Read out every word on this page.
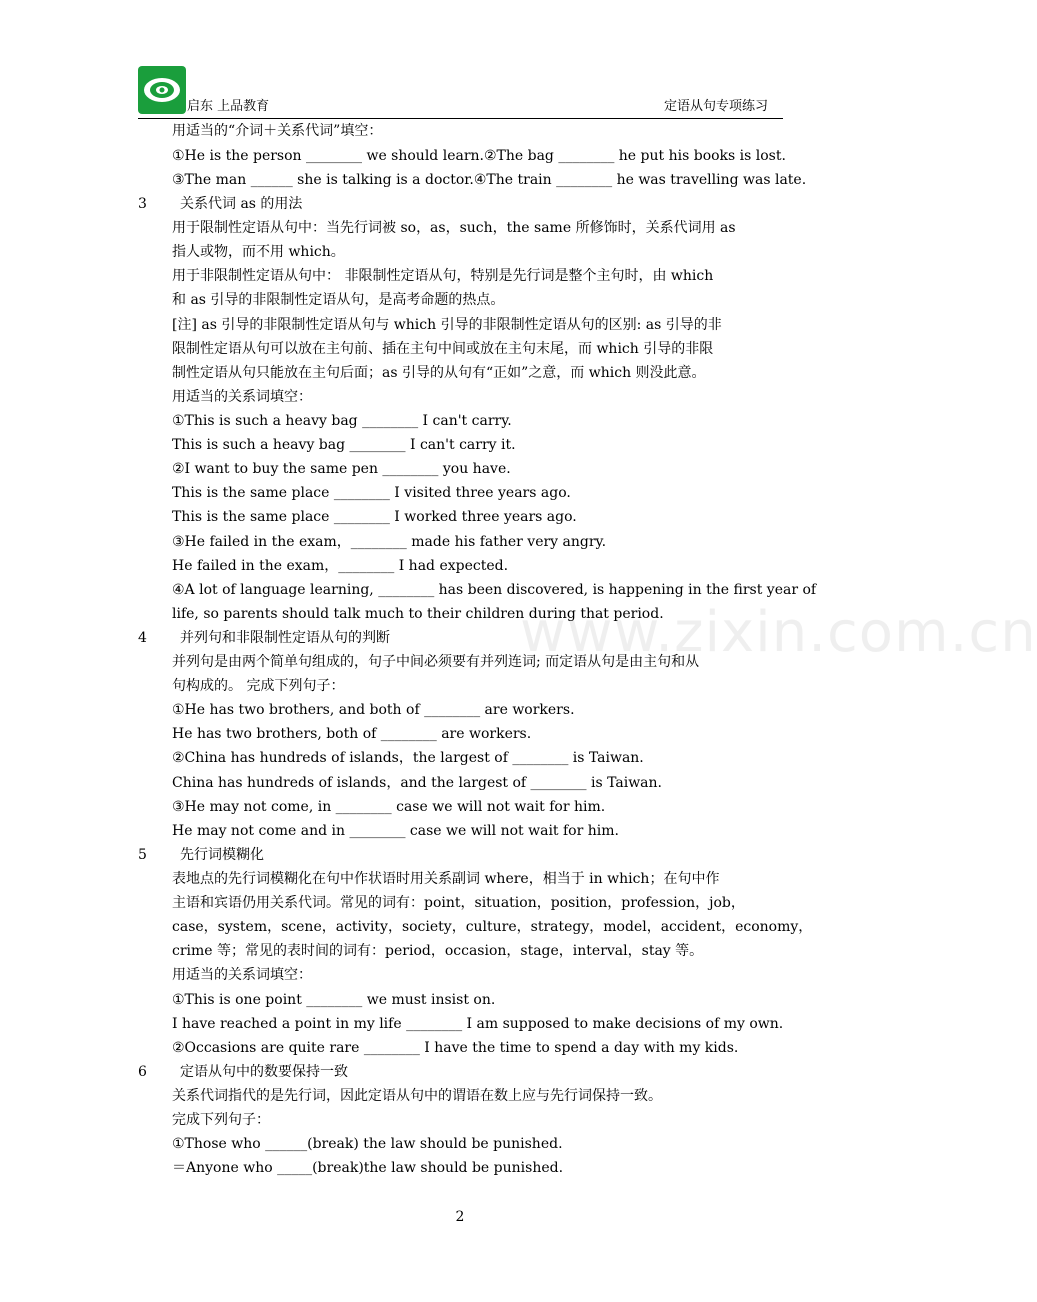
启东 上品教育	定语从句专项练习
www.zixin.com.cn
用适当的“介词＋关系代词”填空：
①He is the person ________ we should learn.②The bag ________ he put his books is lost.
③The man ______ she is talking is a doctor.④The train ________ he was travelling was late.
3 关系代词 as 的用法
用于限制性定语从句中：当先行词被 so，as，such，the same 所修饰时，关系代词用 as
指人或物，而不用 which。
用于非限制性定语从句中： 非限制性定语从句，特别是先行词是整个主句时，由 which
和 as 引导的非限制性定语从句，是高考命题的热点。
[注] as 引导的非限制性定语从句与 which 引导的非限制性定语从句的区别: as 引导的非
限制性定语从句可以放在主句前、插在主句中间或放在主句末尾，而 which 引导的非限
制性定语从句只能放在主句后面；as 引导的从句有“正如”之意，而 which 则没此意。
用适当的关系词填空：
①This is such a heavy bag ________ I can't carry.
This is such a heavy bag ________ I can't carry it.
②I want to buy the same pen ________ you have.
This is the same place ________ I visited three years ago.
This is the same place ________ I worked three years ago.
③He failed in the exam，________ made his father very angry.
He failed in the exam，________ I had expected.
④A lot of language learning, ________ has been discovered, is happening in the first year of
life, so parents should talk much to their children during that period.
4 并列句和非限制性定语从句的判断
并列句是由两个简单句组成的，句子中间必须要有并列连词; 而定语从句是由主句和从
句构成的。 完成下列句子：
①He has two brothers, and both of ________ are workers.
He has two brothers, both of ________ are workers.
②China has hundreds of islands，the largest of ________ is Taiwan.
China has hundreds of islands，and the largest of ________ is Taiwan.
③He may not come, in ________ case we will not wait for him.
He may not come and in ________ case we will not wait for him.
5 先行词模糊化
表地点的先行词模糊化在句中作状语时用关系副词 where，相当于 in which；在句中作
主语和宾语仍用关系代词。常见的词有：point，situation，position，profession，job，
case，system，scene，activity，society，culture，strategy，model，accident，economy，
crime 等；常见的表时间的词有：period，occasion，stage，interval，stay 等。
用适当的关系词填空：
①This is one point ________ we must insist on.
I have reached a point in my life ________ I am supposed to make decisions of my own.
②Occasions are quite rare ________ I have the time to spend a day with my kids.
6 定语从句中的数要保持一致
关系代词指代的是先行词，因此定语从句中的谓语在数上应与先行词保持一致。
完成下列句子：
①Those who ______(break) the law should be punished.
＝Anyone who _____(break)the law should be punished.
2
